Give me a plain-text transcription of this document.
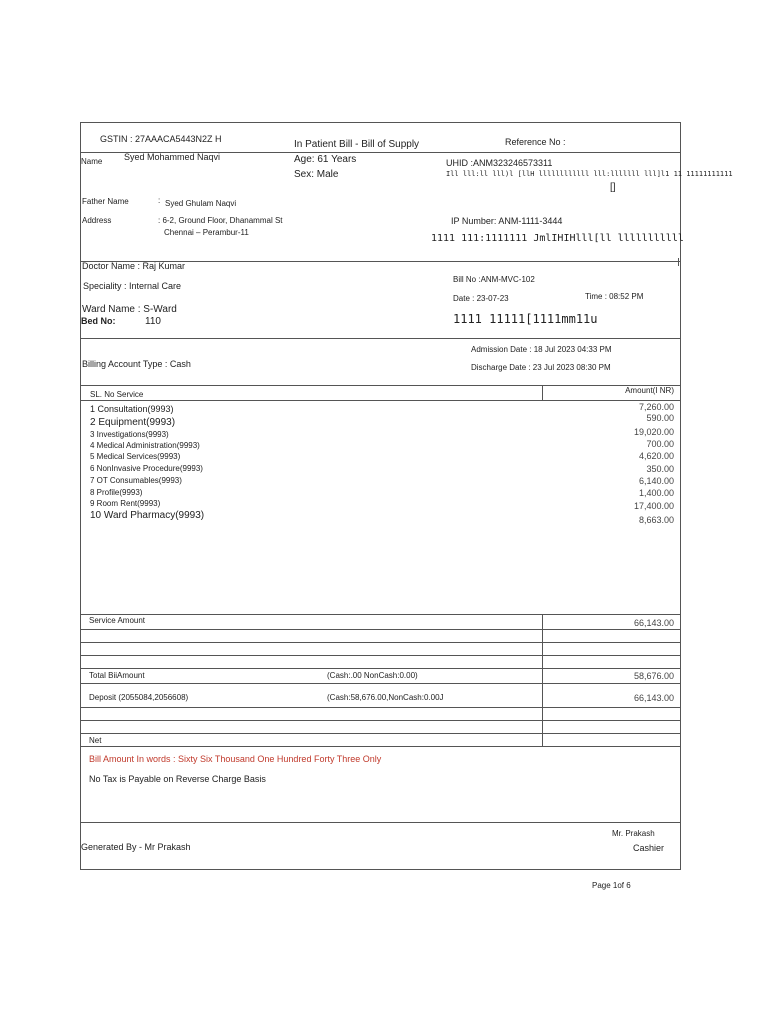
GSTIN : 27AAACA5443N2Z H	In Patient Bill - Bill of Supply	Reference No :
Name Syed Mohammed Naqvi	Age: 61 Years
Sex: Male
UHID :ANM323246573311
Ill lll:ll lll)l [llH llllllllllll lll:lllllll lll]l1 11 11111111111
[]
Father Name	: Syed Ghulam Naqvi
Address	: 6-2, Ground Floor, Dhanammal St
Chennai – Perambur-11
IP Number: ANM-1111-3444
1111 111:1111111 JmlIHIHlll[ll lllllllllll
Doctor Name : Raj Kumar
Speciality : Internal Care
Ward Name : S-Ward
Bed No:	110
Bill No :ANM-MVC-102
Date : 23-07-23	Time : 08:52 PM
1111 11111[1111mm11u
Billing Account Type : Cash
Admission Date : 18 Jul 2023 04:33 PM
Discharge Date : 23 Jul 2023 08:30 PM
SL. No Service	Amount(I NR)
1 Consultation(9993)	7,260.00
2 Equipment(9993)	590.00
3 Investigations(9993)	19,020.00
4 Medical Administration(9993)	700.00
5 Medical Services(9993)	4,620.00
6 NonInvasive Procedure(9993)	350.00
7 OT Consumables(9993)	6,140.00
8 Profile(9993)	1,400.00
9 Room Rent(9993)	17,400.00
10 Ward Pharmacy(9993)	8,663.00
Service Amount	66,143.00
Total BiiAmount	(Cash:.00 NonCash:0.00)	58,676.00
Deposit (2055084,2056608)	(Cash:58,676.00,NonCash:0.00J	66,143.00
Net
Bill Amount In words : Sixty Six Thousand One Hundred Forty Three Only
No Tax is Payable on Reverse Charge Basis
Generated By - Mr Prakash
Mr. Prakash
Cashier
Page 1of 6
